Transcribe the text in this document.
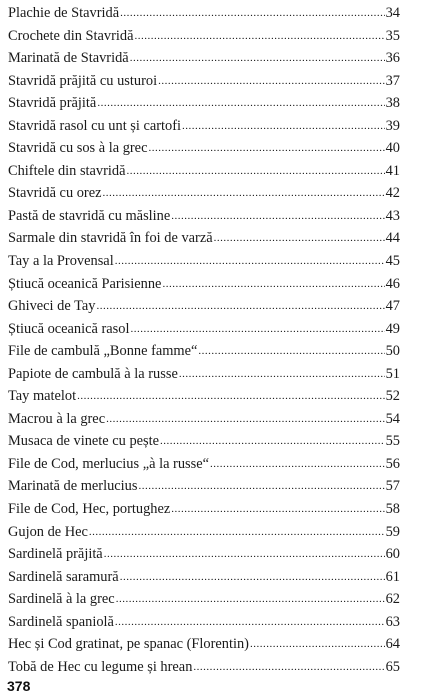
Plachie de Stavridă .....	34
Crochete din Stavridă .....	35
Marinată de Stavridă .....	36
Stavridă prăjită cu usturoi .....	37
Stavridă prăjită .....	38
Stavridă rasol cu unt și cartofi .....	39
Stavridă cu sos à la grec .....	40
Chiftele din stavridă .....	41
Stavridă cu orez .....	42
Pastă de stavridă cu măsline .....	43
Sarmale din stavridă în foi de varză .....	44
Tay a la Provensal .....	45
Știucă oceanică Parisienne .....	46
Ghiveci de Tay .....	47
Știucă oceanică rasol .....	49
File de cambulă „Bonne famme“ .....	50
Papiote de cambulă à la russe .....	51
Tay matelot .....	52
Macrou à la grec .....	54
Musaca de vinete cu pește .....	55
File de Cod, merlucius „à la russe“ .....	56
Marinată de merlucius .....	57
File de Cod, Hec, portughez .....	58
Gujon de Hec .....	59
Sardinelă prăjită .....	60
Sardinelă saramură .....	61
Sardinelă à la grec .....	62
Sardinelă spaniolă .....	63
Hec și Cod gratinat, pe spanac (Florentin) .....	64
Tobă de Hec cu legume și hrean .....	65
378
